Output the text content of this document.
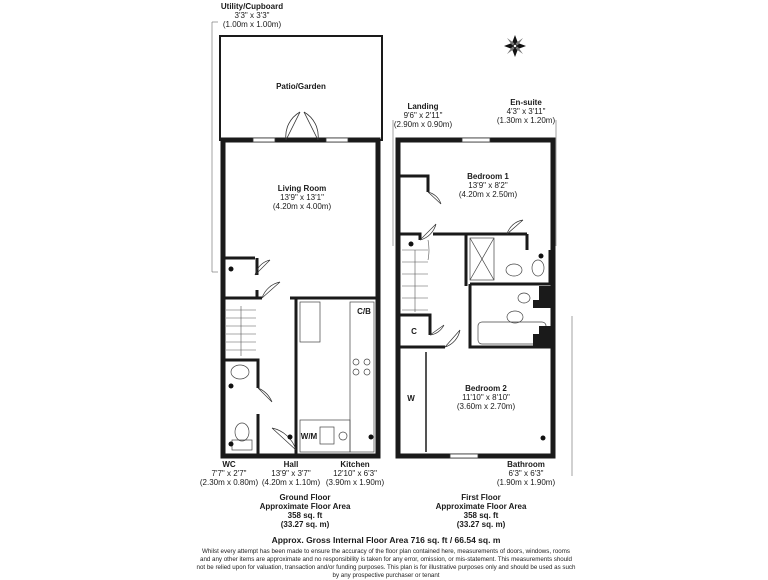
Utility/Cupboard
3'3" x 3'3"
(1.00m x 1.00m)
Patio/Garden
Living Room
13'9" x 13'1"
(4.20m x 4.00m)
C/B
W/M
WC
7'7" x 2'7"
(2.30m x 0.80m)
Hall
13'9" x 3'7"
(4.20m x 1.10m)
Kitchen
12'10" x 6'3"
(3.90m x 1.90m)
Landing
9'6" x 2'11"
(2.90m x 0.90m)
En-suite
4'3" x 3'11"
(1.30m x 1.20m)
Bedroom 1
13'9" x 8'2"
(4.20m x 2.50m)
C
W
Bedroom 2
11'10" x 8'10"
(3.60m x 2.70m)
Bathroom
6'3" x 6'3"
(1.90m x 1.90m)
Ground Floor
Approximate Floor Area
358 sq. ft
(33.27 sq. m)
First Floor
Approximate Floor Area
358 sq. ft
(33.27 sq. m)
Approx. Gross Internal Floor Area 716 sq. ft / 66.54 sq. m
Whilst every attempt has been made to ensure the accuracy of the floor plan contained here, measurements of doors, windows, rooms and any other items are approximate and no responsibility is taken for any error, omission, or mis-statement. This measurements should not be relied upon for valuation, transaction and/or funding purposes. This plan is for illustrative purposes only and should be used as such by any prospective purchaser or tenant
